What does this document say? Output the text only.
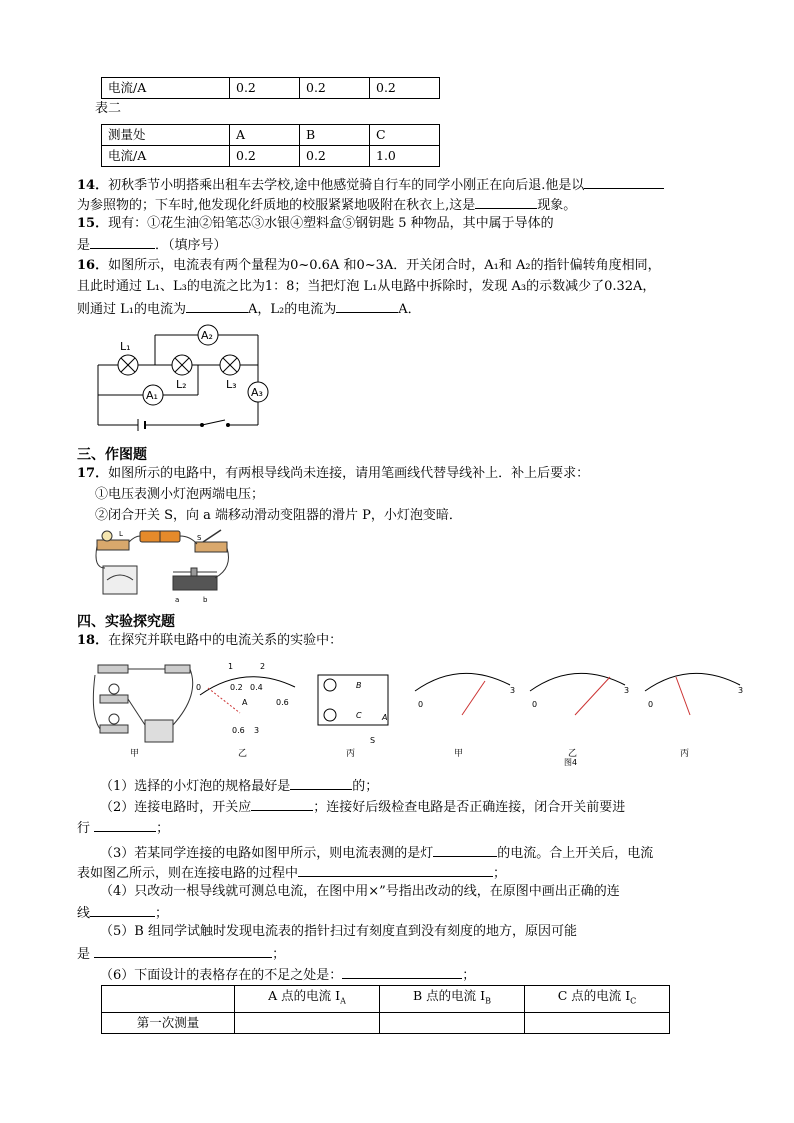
电流/A	0.2	0.2	0.2
表二
测量处	A	B	C
电流/A	0.2	0.2	1.0
14．初秋季节小明搭乘出租车去学校,途中他感觉骑自行车的同学小刚正在向后退.他是以
为参照物的；下车时,他发现化纤质地的校服紧紧地吸附在秋衣上,这是	现象。
15．现有：①花生油②铅笔芯③水银④塑料盒⑤钢钥匙 5 种物品，其中属于导体的
是	．（填序号）
16．如图所示，电流表有两个量程为0~0.6A 和0~3A．开关闭合时，A₁和 A₂的指针偏转角度相同，
且此时通过 L₁、L₃的电流之比为1：8；当把灯泡 L₁从电路中拆除时，发现 A₃的示数减少了0.32A，
则通过 L₁的电流为	A，L₂的电流为	A．
L₁
L₂	L₃
A₂
A₁	A₃
三、作图题
17．如图所示的电路中，有两根导线尚未连接，请用笔画线代替导线补上．补上后要求：
①电压表测小灯泡两端电压；
②闭合开关 S，向 a 端移动滑动变阻器的滑片 P，小灯泡变暗．
L	S
a	b
四、实验探究题
18．在探究并联电路中的电流关系的实验中：
甲
1	2
0	0.2 0.4
0.6
A
0.6 3
乙
B
C	A
S
丙
0
3
0
3
0
3
甲	乙	丙
图4
（1）选择的小灯泡的规格最好是	的；
（2）连接电路时，开关应	；连接好后级检查电路是否正确连接，闭合开关前要进
行	；
（3）若某同学连接的电路如图甲所示，则电流表测的是灯	的电流。合上开关后，电流
表如图乙所示，则在连接电路的过程中	；
（4）只改动一根导线就可测总电流，在图中用×”号指出改动的线，在原图中画出正确的连
线	；
（5）B 组同学试触时发现电流表的指针扫过有刻度直到没有刻度的地方，原因可能
是	；
（6）下面设计的表格存在的不足之处是：	；
	A 点的电流 $I_A$	B 点的电流 $I_B$	C 点的电流 $I_C$
第一次测量			
